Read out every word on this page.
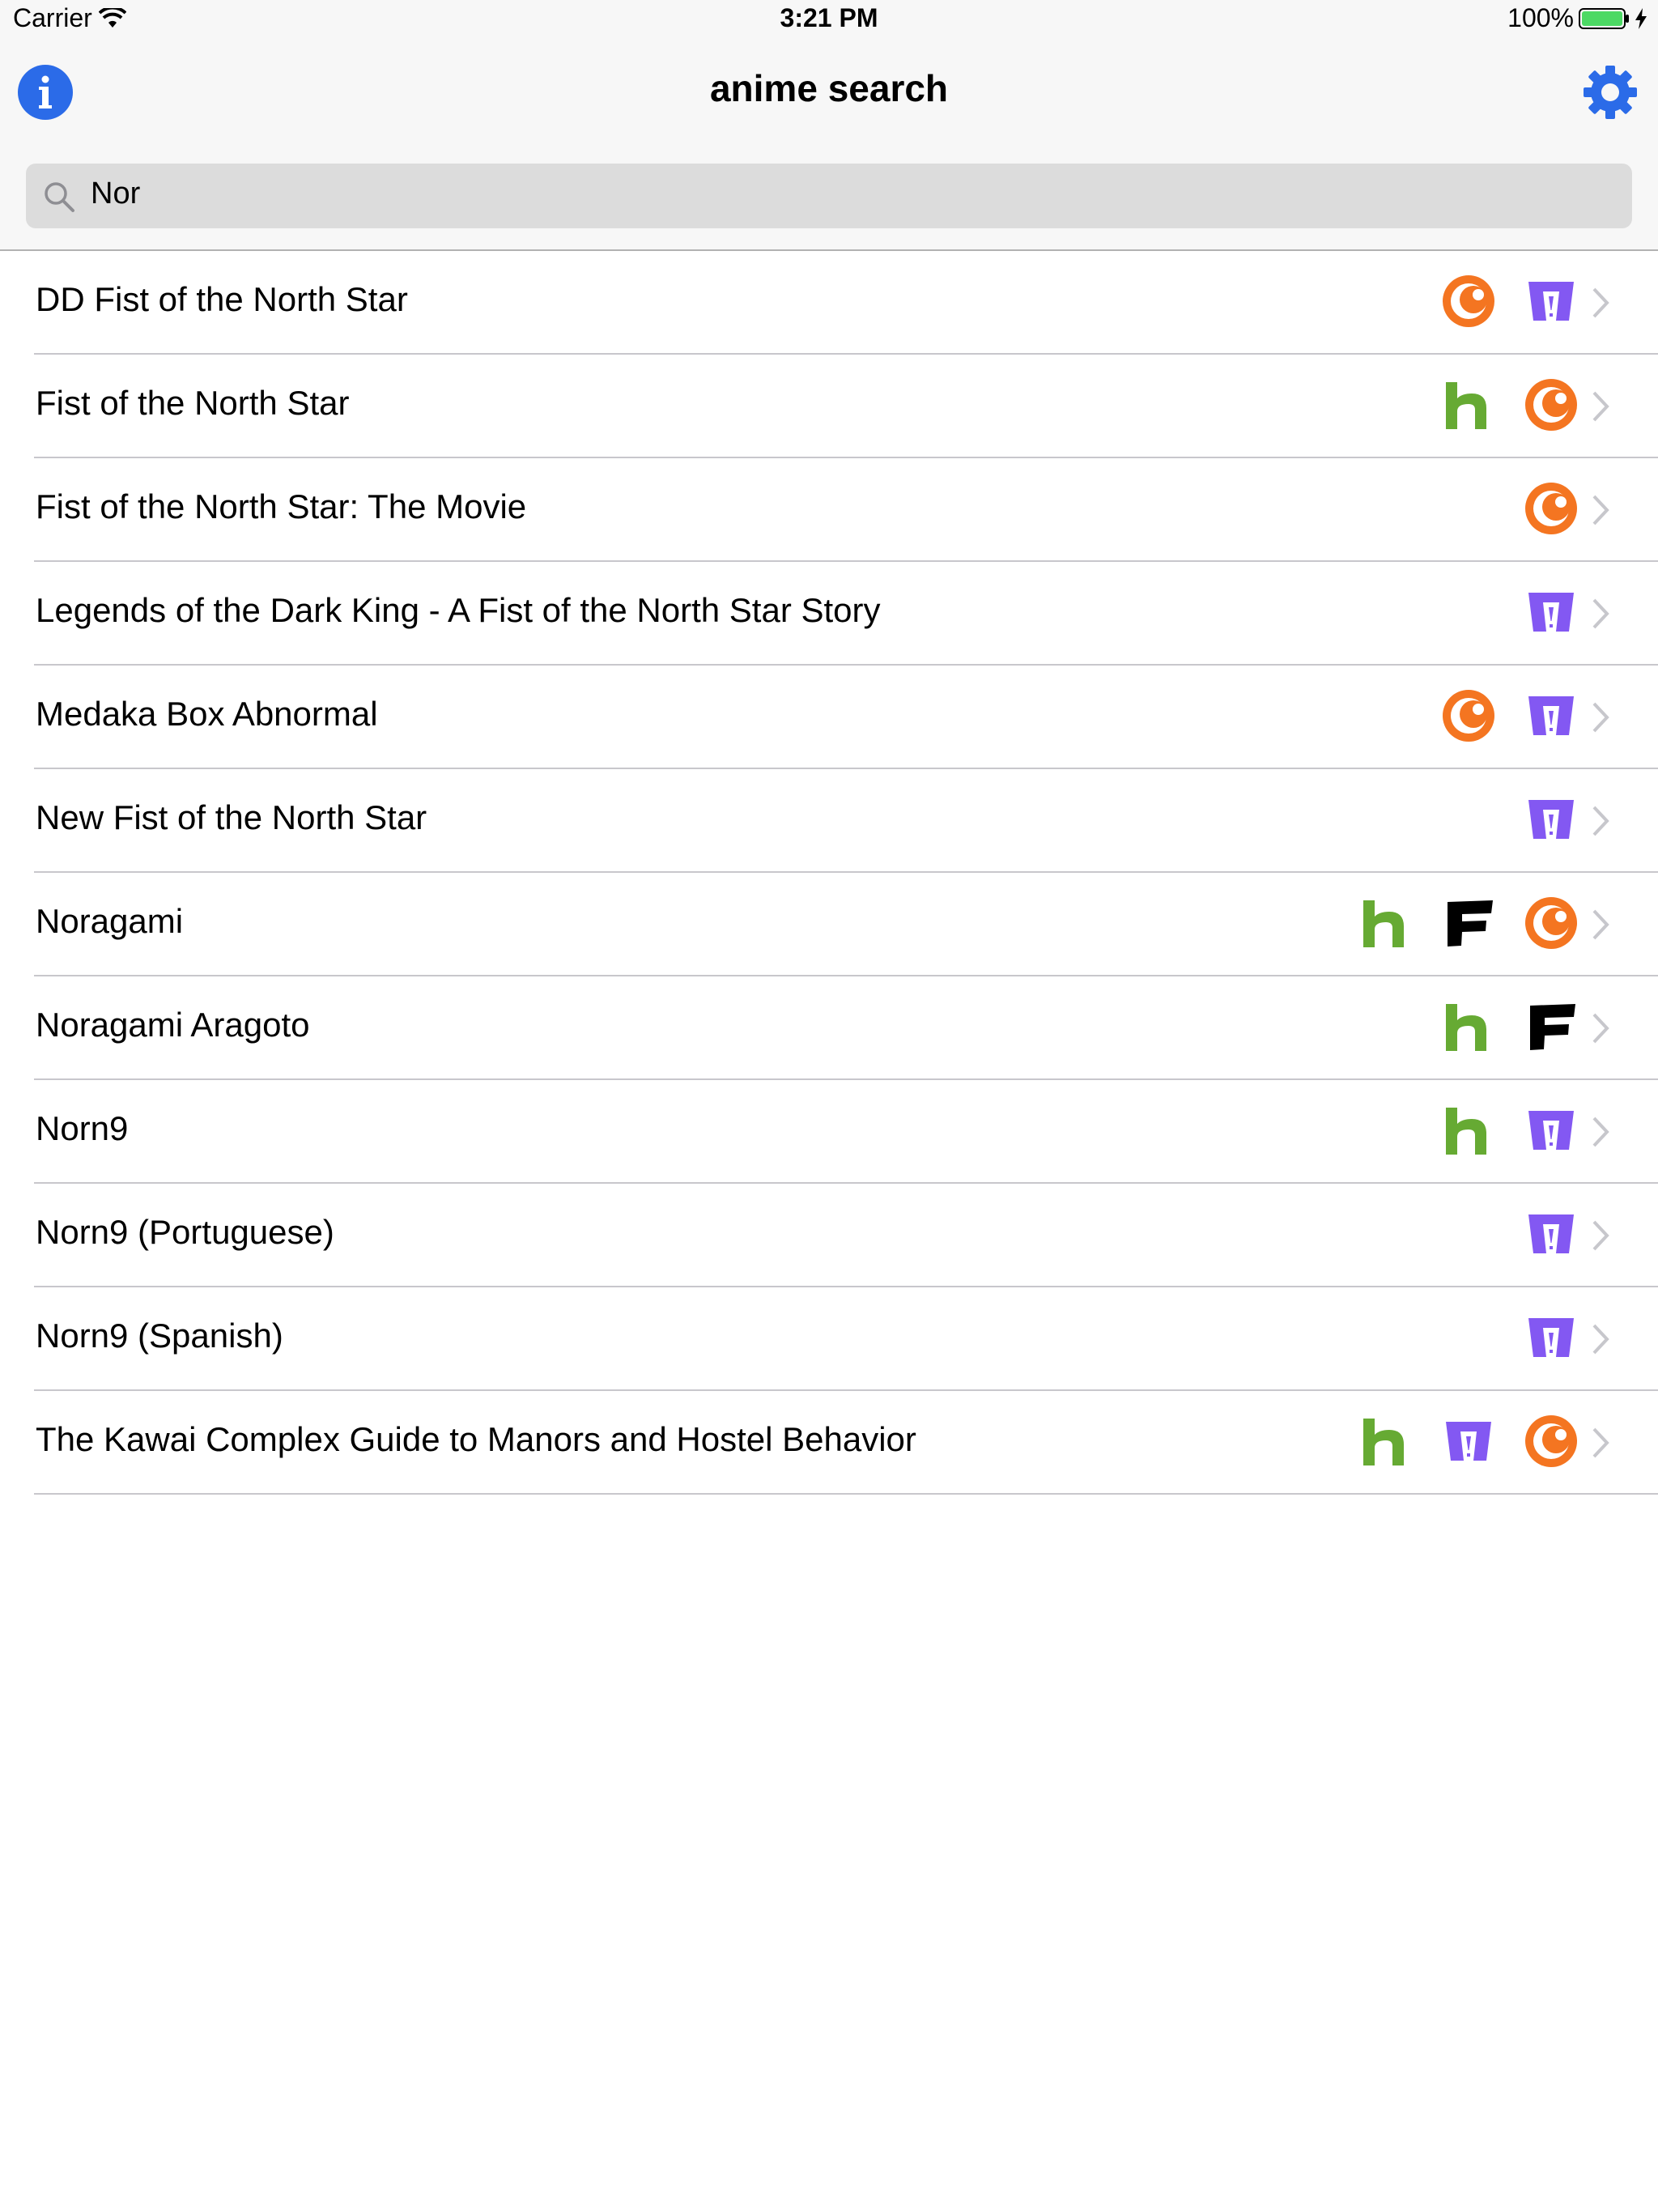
Carrier	3:21 PM	100%
anime search
Nor
DD Fist of the North Star
Fist of the North Star
Fist of the North Star: The Movie
Legends of the Dark King - A Fist of the North Star Story
Medaka Box Abnormal
New Fist of the North Star
Noragami
Noragami Aragoto
Norn9
Norn9 (Portuguese)
Norn9 (Spanish)
The Kawai Complex Guide to Manors and Hostel Behavior
